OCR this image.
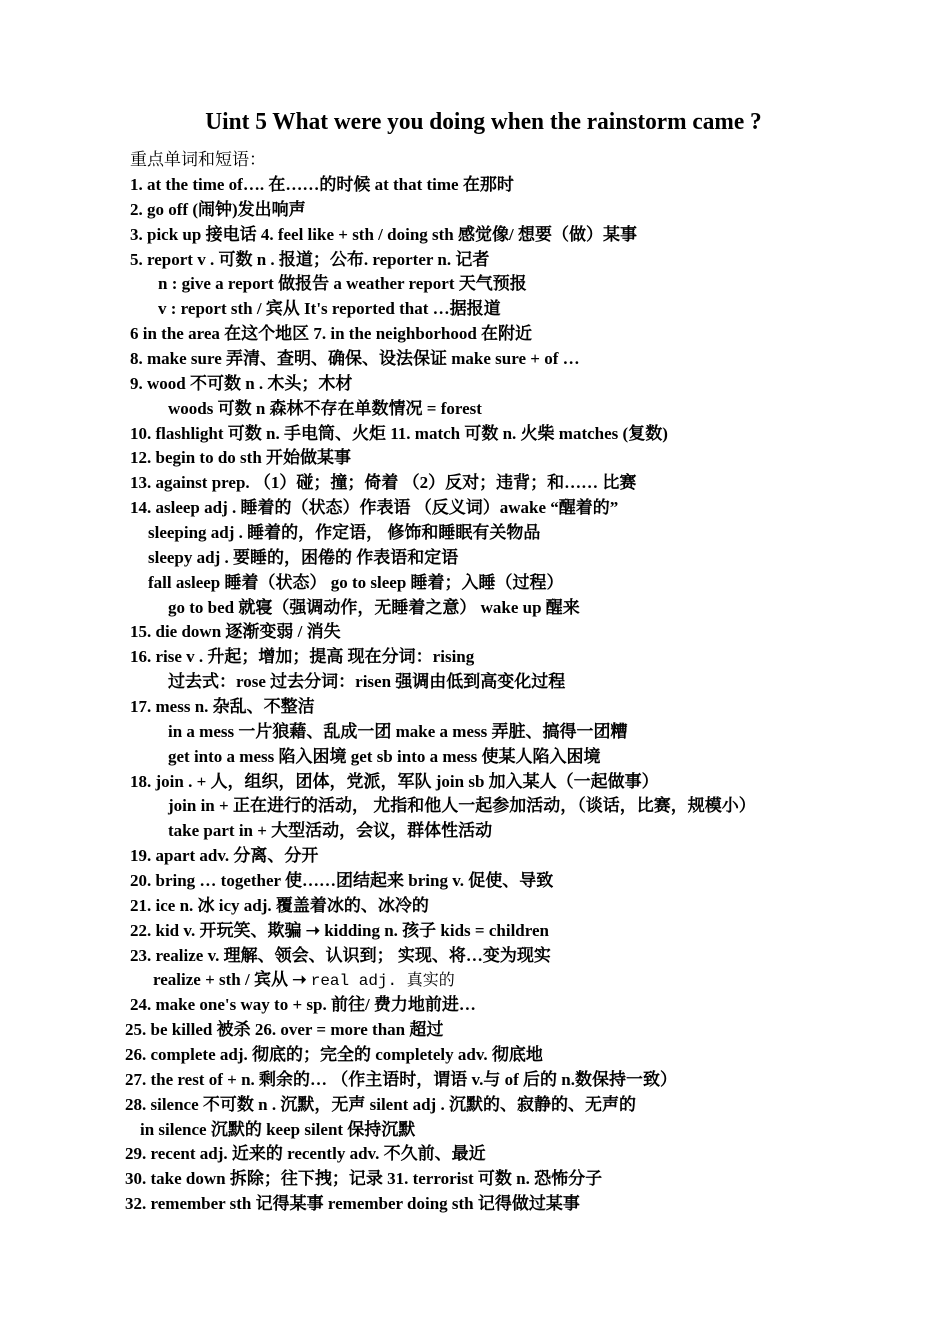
Uint 5 What were you doing when the rainstorm came ?
重点单词和短语：
1. at the time of…. 在……的时候 at that time 在那时
2. go off (闹钟)发出响声
3. pick up 接电话 4. feel like + sth / doing sth 感觉像/ 想要（做）某事
5. report v . 可数 n . 报道；公布. reporter n. 记者
n : give a report 做报告 a weather report 天气预报
v : report sth / 宾从 It's reported that …据报道
6 in the area 在这个地区 7. in the neighborhood 在附近
8. make sure 弄清、查明、确保、设法保证 make sure + of …
9. wood 不可数 n . 木头；木材
woods 可数 n 森林不存在单数情况 = forest
10. flashlight 可数 n. 手电筒、火炬 11. match 可数 n. 火柴 matches (复数)
12. begin to do sth 开始做某事
13. against prep. （1）碰；撞；倚着 （2）反对；违背；和…… 比赛
14. asleep adj . 睡着的（状态）作表语 （反义词）awake “醒着的”
sleeping adj . 睡着的，作定语， 修饰和睡眠有关物品
sleepy adj . 要睡的，困倦的 作表语和定语
fall asleep 睡着（状态） go to sleep 睡着；入睡（过程）
go to bed 就寝（强调动作，无睡着之意） wake up 醒来
15. die down 逐渐变弱 / 消失
16. rise v . 升起；增加；提高 现在分词：rising
过去式：rose 过去分词：risen 强调由低到高变化过程
17. mess n. 杂乱、不整洁
in a mess 一片狼藉、乱成一团 make a mess 弄脏、搞得一团糟
get into a mess 陷入困境 get sb into a mess 使某人陷入困境
18. join . + 人，组织，团体，党派，军队 join sb 加入某人（一起做事）
join in + 正在进行的活动， 尤指和他人一起参加活动，（谈话，比赛，规模小）
take part in + 大型活动，会议，群体性活动
19. apart adv. 分离、分开
20. bring … together 使……团结起来 bring v. 促使、导致
21. ice n. 冰 icy adj. 覆盖着冰的、冰冷的
22. kid v. 开玩笑、欺骗 ➝ kidding n. 孩子 kids = children
23. realize v. 理解、领会、认识到； 实现、将…变为现实
realize + sth / 宾从 ➝ real adj. 真实的
24. make one's way to + sp. 前往/ 费力地前进…
25. be killed 被杀 26. over = more than 超过
26. complete adj. 彻底的；完全的 completely adv. 彻底地
27. the rest of + n. 剩余的… （作主语时，谓语 v.与 of 后的 n.数保持一致）
28. silence 不可数 n . 沉默，无声 silent adj . 沉默的、寂静的、无声的
in silence 沉默的 keep silent 保持沉默
29. recent adj. 近来的 recently adv. 不久前、最近
30. take down 拆除；往下拽；记录 31. terrorist 可数 n. 恐怖分子
32. remember sth 记得某事 remember doing sth 记得做过某事
